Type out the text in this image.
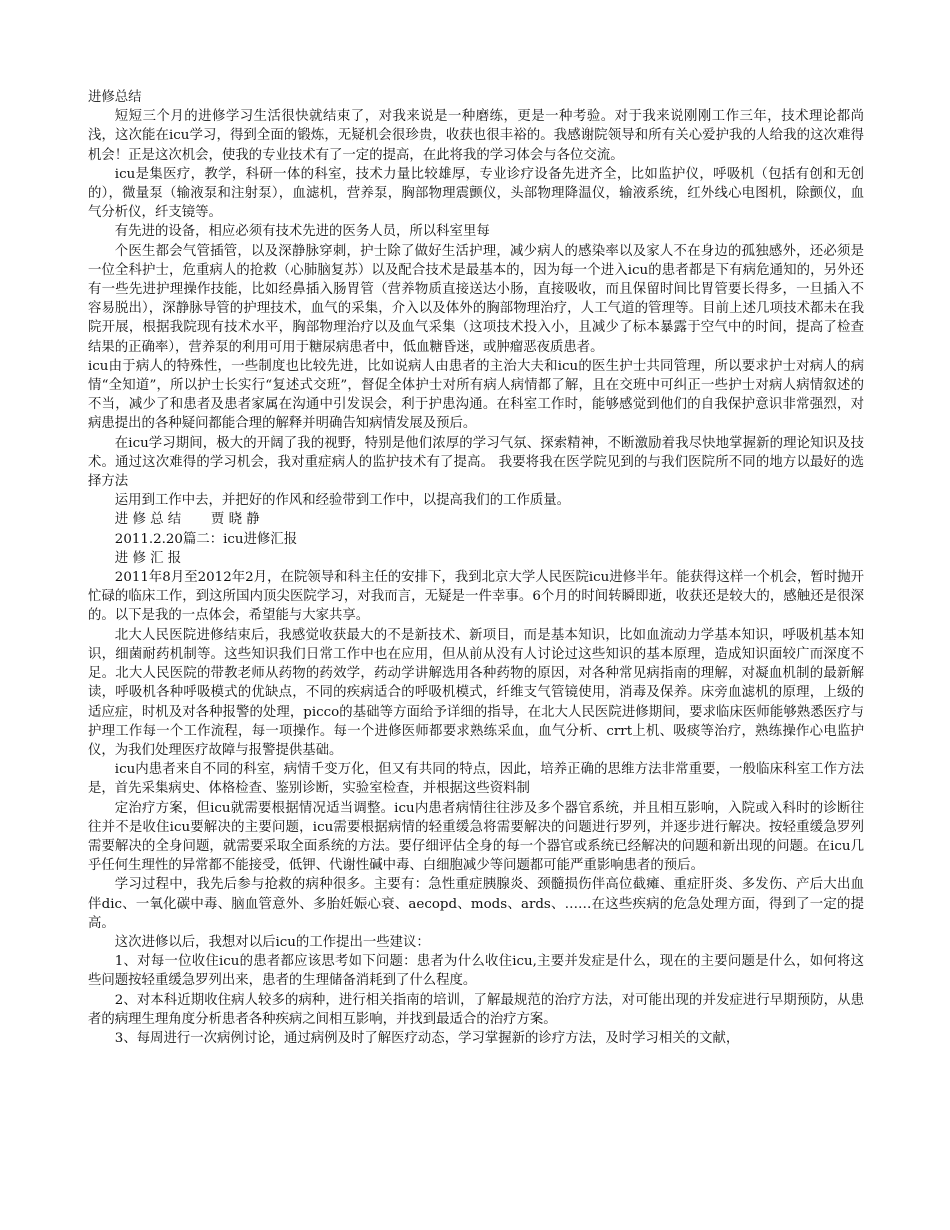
进修总结

短短三个月的进修学习生活很快就结束了，对我来说是一种磨练，更是一种考验。对于我来说刚刚工作三年，技术理论都尚浅，这次能在icu学习，得到全面的锻炼，无疑机会很珍贵，收获也很丰裕的。我感谢院领导和所有关心爱护我的人给我的这次难得机会！正是这次机会，使我的专业技术有了一定的提高，在此将我的学习体会与各位交流。

icu是集医疗，教学，科研一体的科室，技术力量比较雄厚，专业诊疗设备先进齐全，比如监护仪，呼吸机（包括有创和无创的），微量泵（输液泵和注射泵），血滤机，营养泵，胸部物理震颤仪，头部物理降温仪，输液系统，红外线心电图机，除颤仪，血气分析仪，纤支镜等。

有先进的设备，相应必须有技术先进的医务人员，所以科室里每

个医生都会气管插管，以及深静脉穿刺，护士除了做好生活护理，减少病人的感染率以及家人不在身边的孤独感外，还必须是一位全科护士，危重病人的抢救（心肺脑复苏）以及配合技术是最基本的，因为每一个进入icu的患者都是下有病危通知的，另外还有一些先进护理操作技能，比如经鼻插入肠胃管（营养物质直接送达小肠，直接吸收，而且保留时间比胃管要长得多，一旦插入不容易脱出），深静脉导管的护理技术，血气的采集，介入以及体外的胸部物理治疗，人工气道的管理等。目前上述几项技术都未在我院开展，根据我院现有技术水平，胸部物理治疗以及血气采集（这项技术投入小，且减少了标本暴露于空气中的时间，提高了检查结果的正确率），营养泵的利用可用于糖尿病患者中，低血糖昏迷，或肿瘤恶夜质患者。

icu由于病人的特殊性，一些制度也比较先进，比如说病人由患者的主治大夫和icu的医生护士共同管理，所以要求护士对病人的病情“全知道”，所以护士长实行“复述式交班”，督促全体护士对所有病人病情都了解，且在交班中可纠正一些护士对病人病情叙述的不当，减少了和患者及患者家属在沟通中引发误会，利于护患沟通。在科室工作时，能够感觉到他们的自我保护意识非常强烈，对病患提出的各种疑问都能合理的解释并明确告知病情发展及预后。

在icu学习期间，极大的开阔了我的视野，特别是他们浓厚的学习气氛、探索精神，不断激励着我尽快地掌握新的理论知识及技术。通过这次难得的学习机会，我对重症病人的监护技术有了提高。 我要将我在医学院见到的与我们医院所不同的地方以最好的选择方法

运用到工作中去，并把好的作风和经验带到工作中，以提高我们的工作质量。

进 修 总 结       贾 晓 静

2011.2.20篇二：icu进修汇报

进 修 汇 报

2011年8月至2012年2月，在院领导和科主任的安排下，我到北京大学人民医院icu进修半年。能获得这样一个机会，暂时抛开忙碌的临床工作，到这所国内顶尖医院学习，对我而言，无疑是一件幸事。6个月的时间转瞬即逝，收获还是较大的，感触还是很深的。以下是我的一点体会，希望能与大家共享。

北大人民医院进修结束后，我感觉收获最大的不是新技术、新项目，而是基本知识，比如血流动力学基本知识，呼吸机基本知识，细菌耐药机制等。这些知识我们日常工作中也在应用，但从前从没有人讨论过这些知识的基本原理，造成知识面较广而深度不足。北大人民医院的带教老师从药物的药效学，药动学讲解选用各种药物的原因，对各种常见病指南的理解，对凝血机制的最新解读，呼吸机各种呼吸模式的优缺点，不同的疾病适合的呼吸机模式，纤维支气管镜使用，消毒及保养。床旁血滤机的原理，上级的适应症，时机及对各种报警的处理，picco的基础等方面给予详细的指导，在北大人民医院进修期间，要求临床医师能够熟悉医疗与护理工作每一个工作流程，每一项操作。每一个进修医师都要求熟练采血，血气分析、crrt上机、吸痰等治疗，熟练操作心电监护仪，为我们处理医疗故障与报警提供基础。

icu内患者来自不同的科室，病情千变万化，但又有共同的特点，因此，培养正确的思维方法非常重要，一般临床科室工作方法是，首先采集病史、体格检查、鉴别诊断，实验室检查，并根据这些资料制

定治疗方案，但icu就需要根据情况适当调整。icu内患者病情往往涉及多个器官系统，并且相互影响，入院或入科时的诊断往往并不是收住icu要解决的主要问题，icu需要根据病情的轻重缓急将需要解决的问题进行罗列，并逐步进行解决。按轻重缓急罗列需要解决的全身问题，就需要采取全面系统的方法。要仔细评估全身的每一个器官或系统已经解决的问题和新出现的问题。在icu几乎任何生理性的异常都不能接受，低钾、代谢性碱中毒、白细胞减少等问题都可能严重影响患者的预后。

学习过程中，我先后参与抢救的病种很多。主要有：急性重症胰腺炎、颈髓损伤伴高位截瘫、重症肝炎、多发伤、产后大出血伴dic、一氧化碳中毒、脑血管意外、多胎妊娠心衰、aecopd、mods、ards、……在这些疾病的危急处理方面，得到了一定的提高。

这次进修以后，我想对以后icu的工作提出一些建议：

1、对每一位收住icu的患者都应该思考如下问题：患者为什么收住icu,主要并发症是什么，现在的主要问题是什么，如何将这些问题按轻重缓急罗列出来，患者的生理储备消耗到了什么程度。

2、对本科近期收住病人较多的病种，进行相关指南的培训，了解最规范的治疗方法，对可能出现的并发症进行早期预防，从患者的病理生理角度分析患者各种疾病之间相互影响，并找到最适合的治疗方案。

3、每周进行一次病例讨论，通过病例及时了解医疗动态，学习掌握新的诊疗方法，及时学习相关的文献，
